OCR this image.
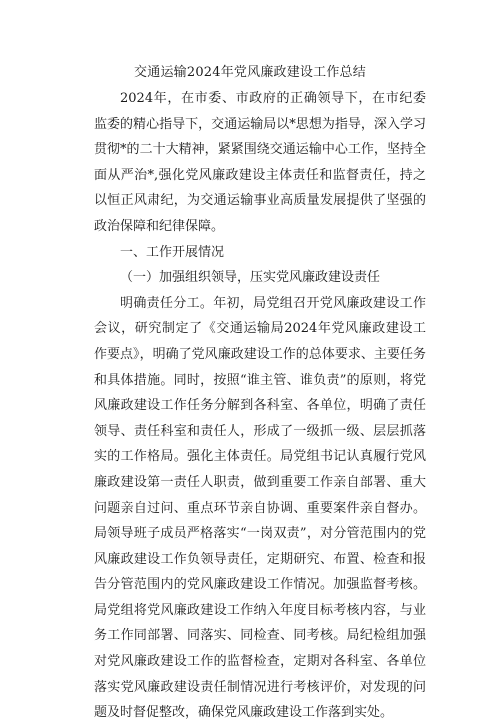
交通运输2024年党风廉政建设工作总结

2024年，在市委、市政府的正确领导下，在市纪委监委的精心指导下，交通运输局以*思想为指导，深入学习贯彻*的二十大精神，紧紧围绕交通运输中心工作，坚持全面从严治*,强化党风廉政建设主体责任和监督责任，持之以恒正风肃纪，为交通运输事业高质量发展提供了坚强的政治保障和纪律保障。

一、工作开展情况

（一）加强组织领导，压实党风廉政建设责任

明确责任分工。年初，局党组召开党风廉政建设工作会议，研究制定了《交通运输局2024年党风廉政建设工作要点》，明确了党风廉政建设工作的总体要求、主要任务和具体措施。同时，按照“谁主管、谁负责”的原则，将党风廉政建设工作任务分解到各科室、各单位，明确了责任领导、责任科室和责任人，形成了一级抓一级、层层抓落实的工作格局。强化主体责任。局党组书记认真履行党风廉政建设第一责任人职责，做到重要工作亲自部署、重大问题亲自过问、重点环节亲自协调、重要案件亲自督办。局领导班子成员严格落实“一岗双责”，对分管范围内的党风廉政建设工作负领导责任，定期研究、布置、检查和报告分管范围内的党风廉政建设工作情况。加强监督考核。局党组将党风廉政建设工作纳入年度目标考核内容，与业务工作同部署、同落实、同检查、同考核。局纪检组加强对党风廉政建设工作的监督检查，定期对各科室、各单位落实党风廉政建设责任制情况进行考核评价，对发现的问题及时督促整改，确保党风廉政建设工作落到实处。
